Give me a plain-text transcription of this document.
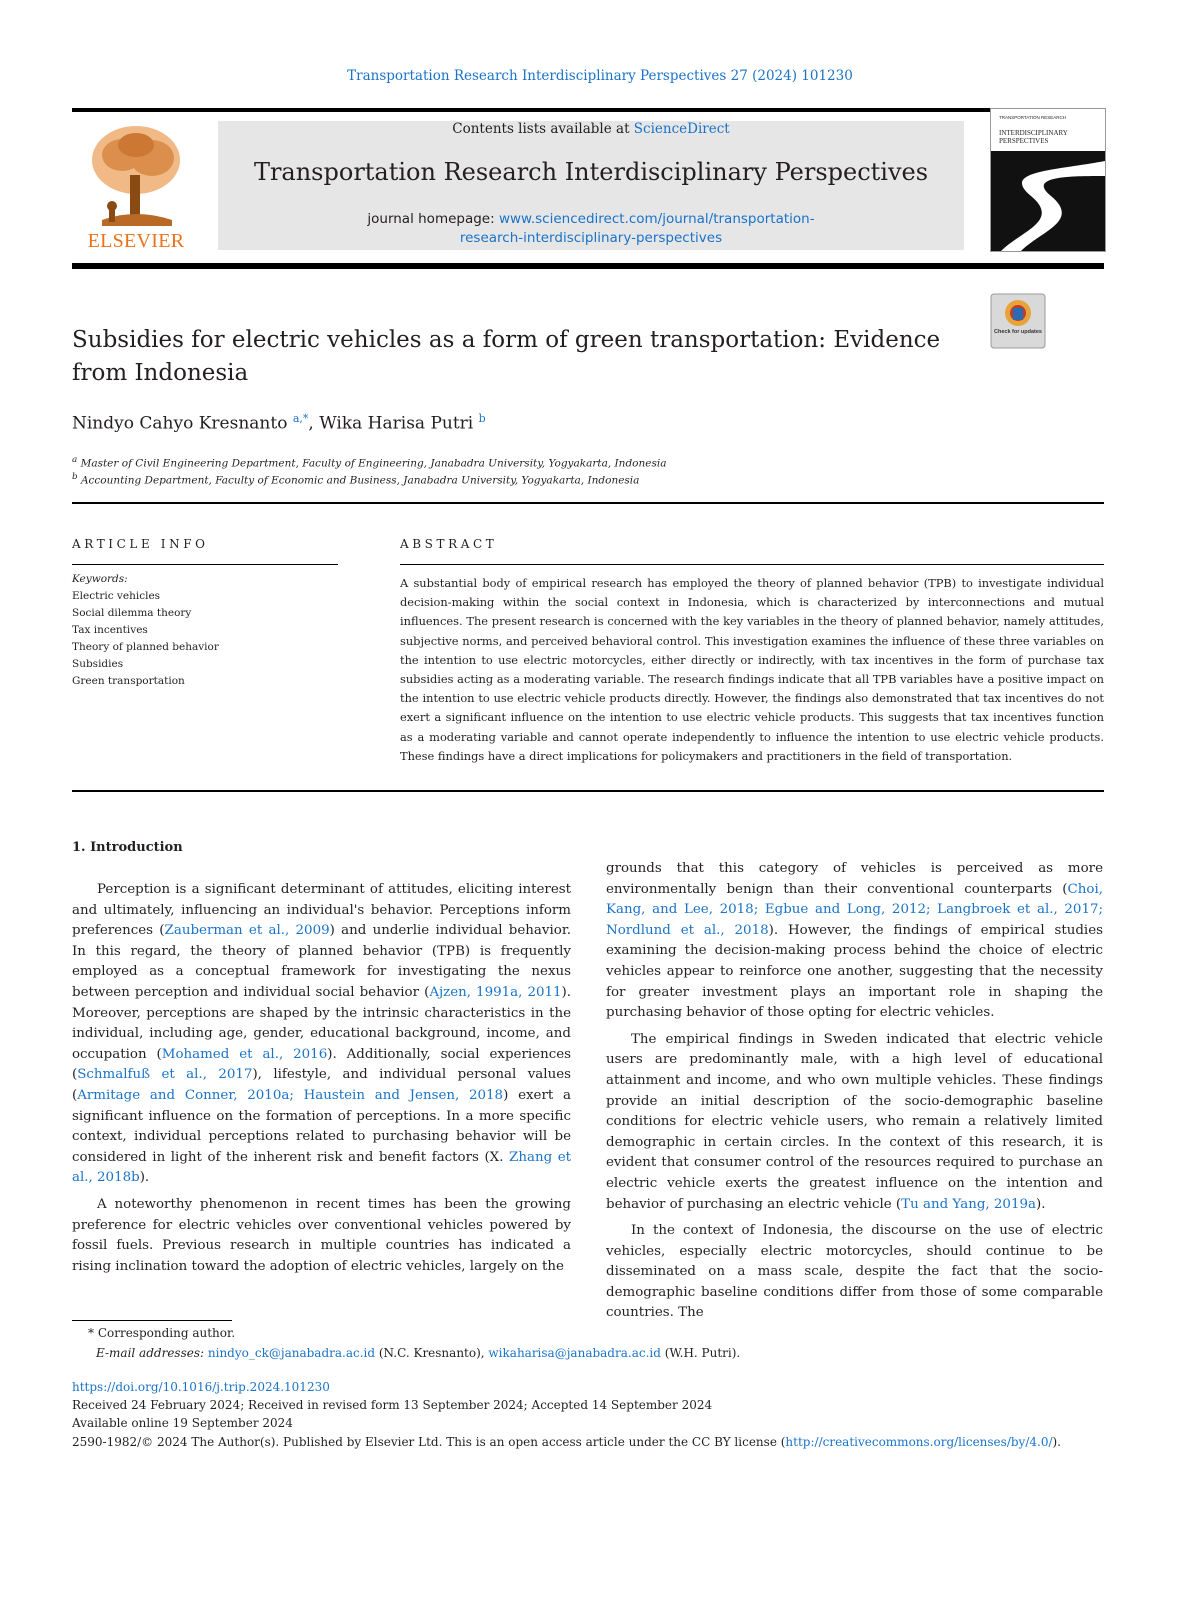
Transportation Research Interdisciplinary Perspectives 27 (2024) 101230
ELSEVIER
Contents lists available at ScienceDirect
Transportation Research Interdisciplinary Perspectives
journal homepage: www.sciencedirect.com/journal/transportation-
research-interdisciplinary-perspectives
TRANSPORTATION RESEARCH
INTERDISCIPLINARY PERSPECTIVES
Subsidies for electric vehicles as a form of green transportation: Evidence from Indonesia
Check for updates
Nindyo Cahyo Kresnanto $^{a,*}$, Wika Harisa Putri $^b$
$^a$ Master of Civil Engineering Department, Faculty of Engineering, Janabadra University, Yogyakarta, Indonesia
$^b$ Accounting Department, Faculty of Economic and Business, Janabadra University, Yogyakarta, Indonesia
ARTICLE INFO
Keywords:
Electric vehicles
Social dilemma theory
Tax incentives
Theory of planned behavior
Subsidies
Green transportation
ABSTRACT
A substantial body of empirical research has employed the theory of planned behavior (TPB) to investigate individual decision-making within the social context in Indonesia, which is characterized by interconnections and mutual influences. The present research is concerned with the key variables in the theory of planned behavior, namely attitudes, subjective norms, and perceived behavioral control. This investigation examines the influence of these three variables on the intention to use electric motorcycles, either directly or indirectly, with tax incentives in the form of purchase tax subsidies acting as a moderating variable. The research findings indicate that all TPB variables have a positive impact on the intention to use electric vehicle products directly. However, the findings also demonstrated that tax incentives do not exert a significant influence on the intention to use electric vehicle products. This suggests that tax incentives function as a moderating variable and cannot operate independently to influence the intention to use electric vehicle products. These findings have a direct implications for policymakers and practitioners in the field of transportation.
1. Introduction

Perception is a significant determinant of attitudes, eliciting interest and ultimately, influencing an individual's behavior. Perceptions inform preferences (Zauberman et al., 2009) and underlie individual behavior. In this regard, the theory of planned behavior (TPB) is frequently employed as a conceptual framework for investigating the nexus between perception and individual social behavior (Ajzen, 1991a, 2011). Moreover, perceptions are shaped by the intrinsic characteristics in the individual, including age, gender, educational background, income, and occupation (Mohamed et al., 2016). Additionally, social experiences (Schmalfuß et al., 2017), lifestyle, and individual personal values (Armitage and Conner, 2010a; Haustein and Jensen, 2018) exert a significant influence on the formation of perceptions. In a more specific context, individual perceptions related to purchasing behavior will be considered in light of the inherent risk and benefit factors (X. Zhang et al., 2018b).

A noteworthy phenomenon in recent times has been the growing preference for electric vehicles over conventional vehicles powered by fossil fuels. Previous research in multiple countries has indicated a rising inclination toward the adoption of electric vehicles, largely on the

grounds that this category of vehicles is perceived as more environmentally benign than their conventional counterparts (Choi, Kang, and Lee, 2018; Egbue and Long, 2012; Langbroek et al., 2017; Nordlund et al., 2018). However, the findings of empirical studies examining the decision-making process behind the choice of electric vehicles appear to reinforce one another, suggesting that the necessity for greater investment plays an important role in shaping the purchasing behavior of those opting for electric vehicles.

The empirical findings in Sweden indicated that electric vehicle users are predominantly male, with a high level of educational attainment and income, and who own multiple vehicles. These findings provide an initial description of the socio-demographic baseline conditions for electric vehicle users, who remain a relatively limited demographic in certain circles. In the context of this research, it is evident that consumer control of the resources required to purchase an electric vehicle exerts the greatest influence on the intention and behavior of purchasing an electric vehicle (Tu and Yang, 2019a).

In the context of Indonesia, the discourse on the use of electric vehicles, especially electric motorcycles, should continue to be disseminated on a mass scale, despite the fact that the socio-demographic baseline conditions differ from those of some comparable countries. The

* Corresponding author.
E-mail addresses: nindyo_ck@janabadra.ac.id (N.C. Kresnanto), wikaharisa@janabadra.ac.id (W.H. Putri).
https://doi.org/10.1016/j.trip.2024.101230
Received 24 February 2024; Received in revised form 13 September 2024; Accepted 14 September 2024
Available online 19 September 2024
2590-1982/© 2024 The Author(s). Published by Elsevier Ltd. This is an open access article under the CC BY license (http://creativecommons.org/licenses/by/4.0/).
